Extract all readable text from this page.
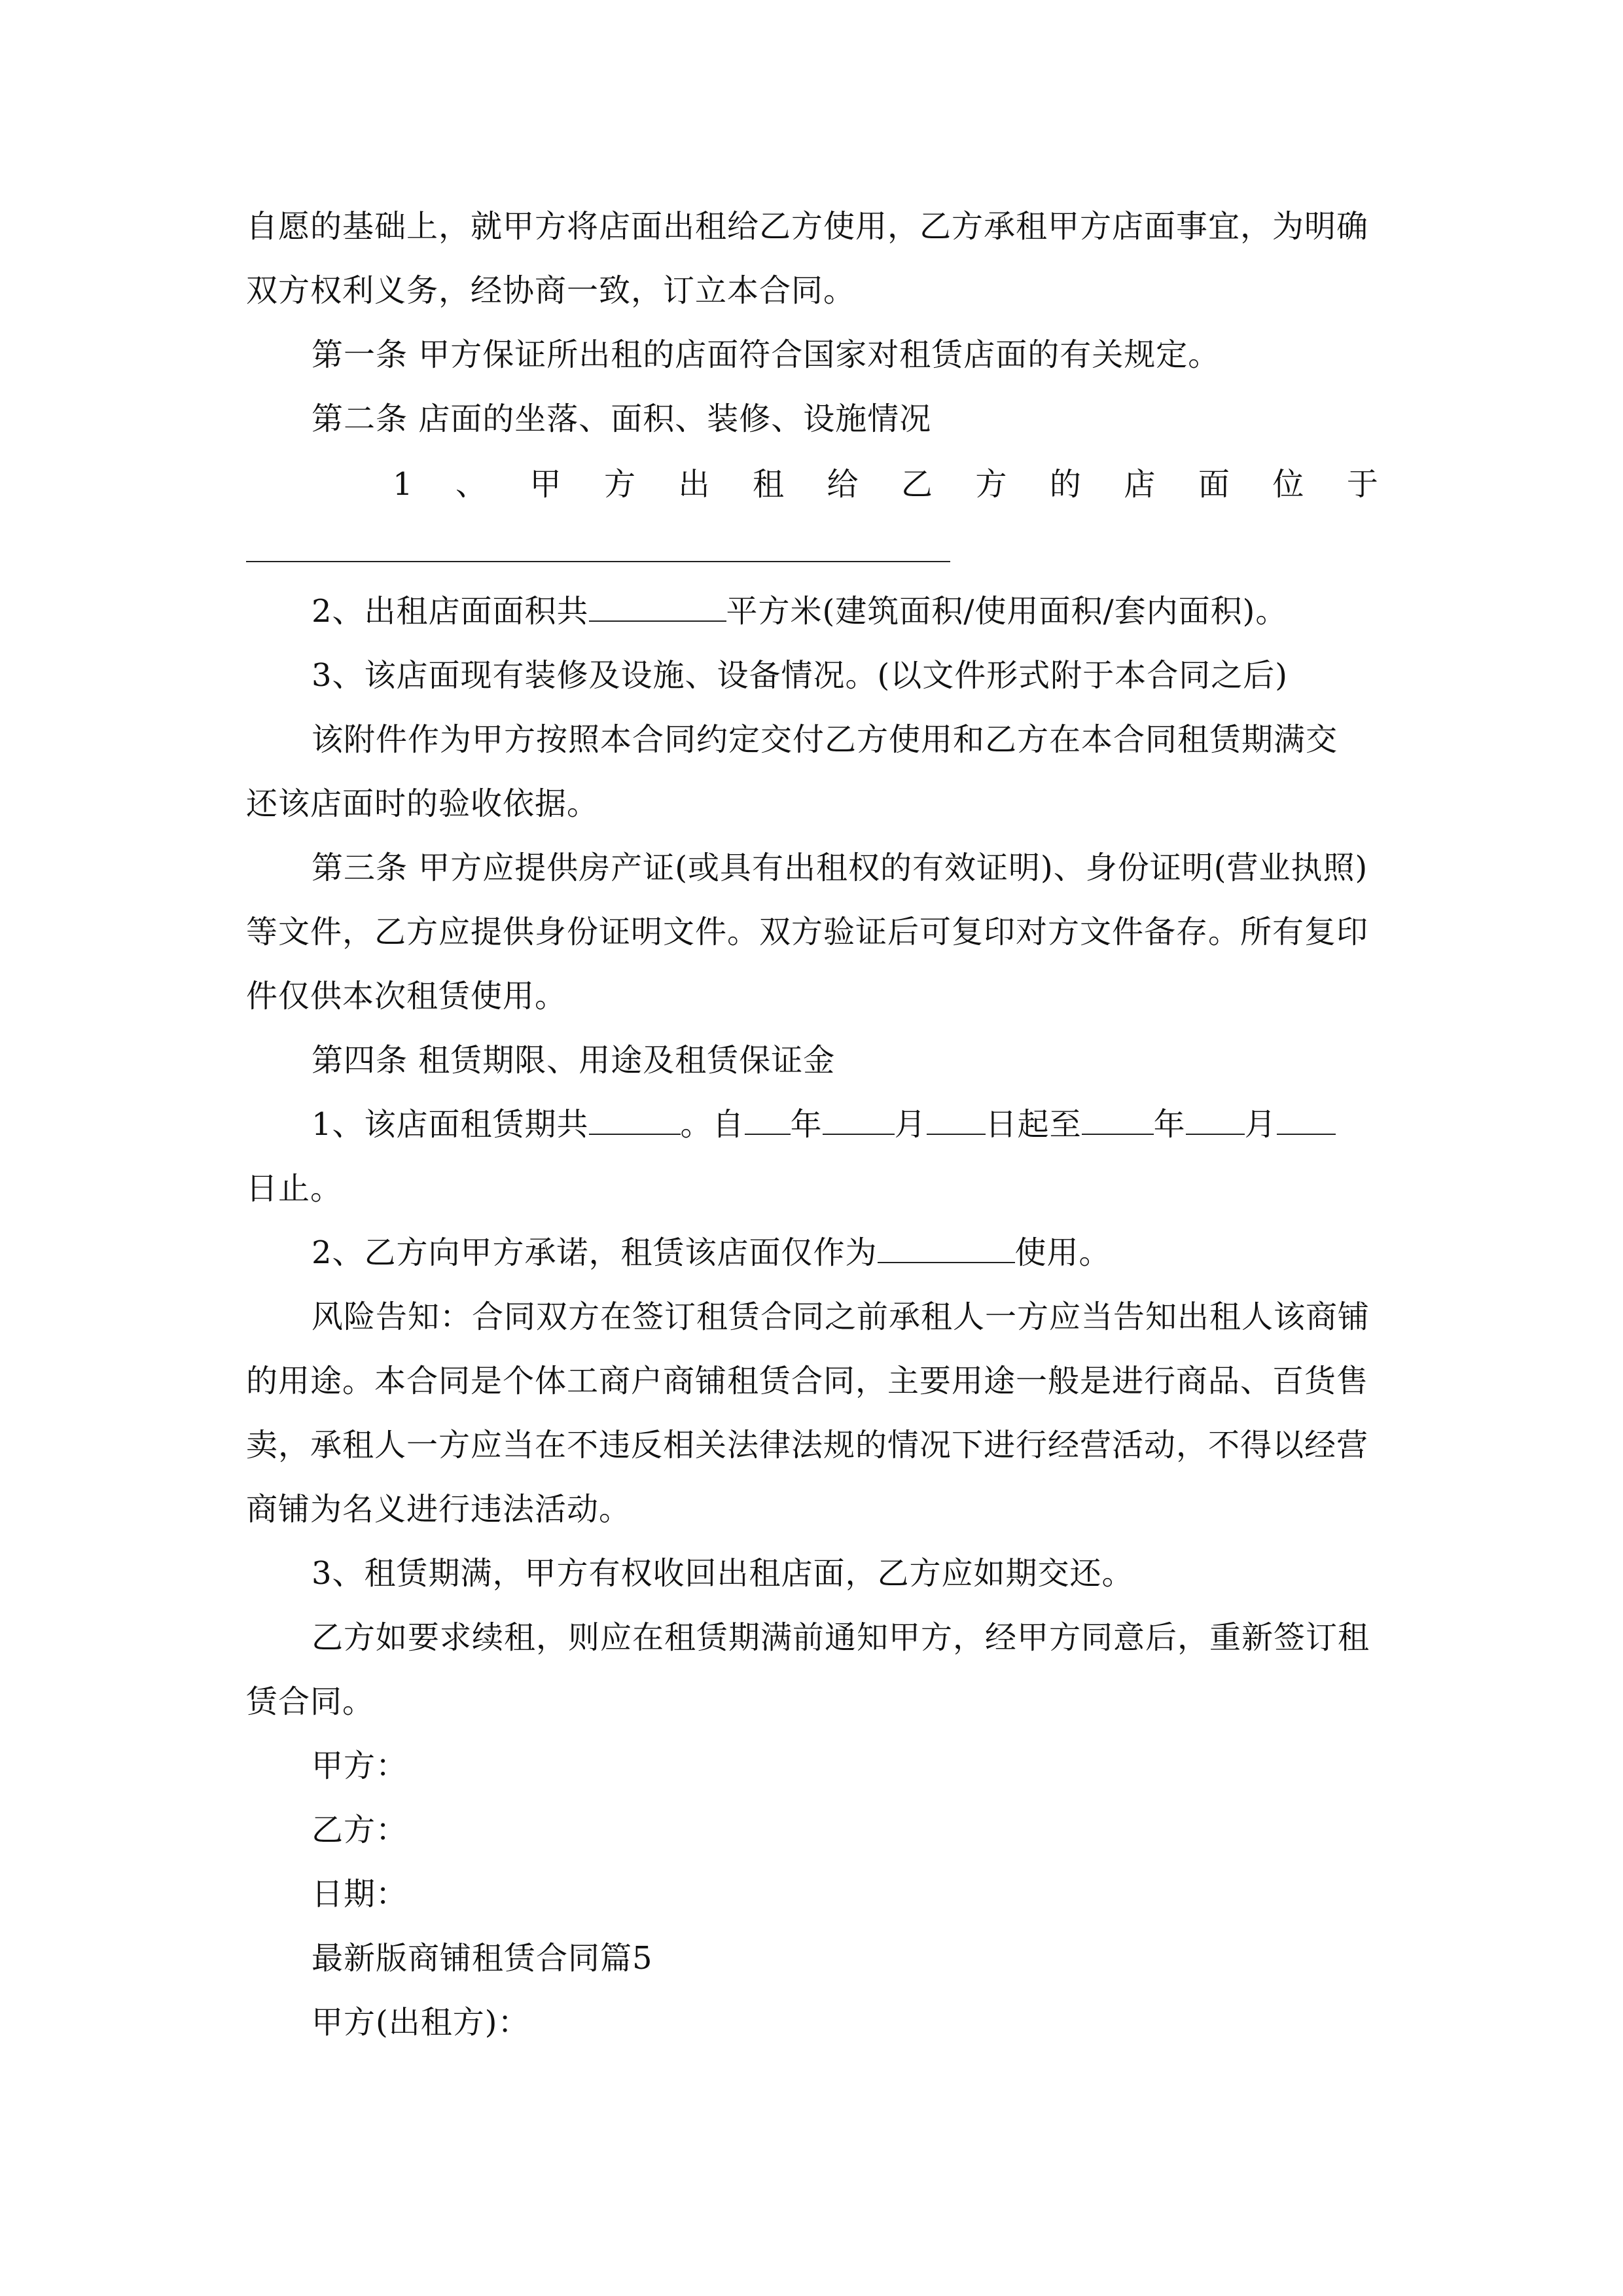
自愿的基础上，就甲方将店面出租给乙方使用，乙方承租甲方店面事宜，为明确
双方权利义务，经协商一致，订立本合同。
第一条 甲方保证所出租的店面符合国家对租赁店面的有关规定。
第二条 店面的坐落、面积、装修、设施情况
1 、 甲 方 出 租 给 乙 方 的 店 面 位 于
2、出租店面面积共	平方米(建筑面积/使用面积/套内面积)。
3、该店面现有装修及设施、设备情况。(以文件形式附于本合同之后)
该附件作为甲方按照本合同约定交付乙方使用和乙方在本合同租赁期满交
还该店面时的验收依据。
第三条 甲方应提供房产证(或具有出租权的有效证明)、身份证明(营业执照)
等文件，乙方应提供身份证明文件。双方验证后可复印对方文件备存。所有复印
件仅供本次租赁使用。
第四条 租赁期限、用途及租赁保证金
1、该店面租赁期共	。自 年 月 日起至 年 月
日止。
2、乙方向甲方承诺，租赁该店面仅作为	使用。
风险告知：合同双方在签订租赁合同之前承租人一方应当告知出租人该商铺
的用途。本合同是个体工商户商铺租赁合同，主要用途一般是进行商品、百货售
卖，承租人一方应当在不违反相关法律法规的情况下进行经营活动，不得以经营
商铺为名义进行违法活动。
3、租赁期满，甲方有权收回出租店面，乙方应如期交还。
乙方如要求续租，则应在租赁期满前通知甲方，经甲方同意后，重新签订租
赁合同。
甲方：
乙方：
日期：
最新版商铺租赁合同篇5
甲方(出租方)：
